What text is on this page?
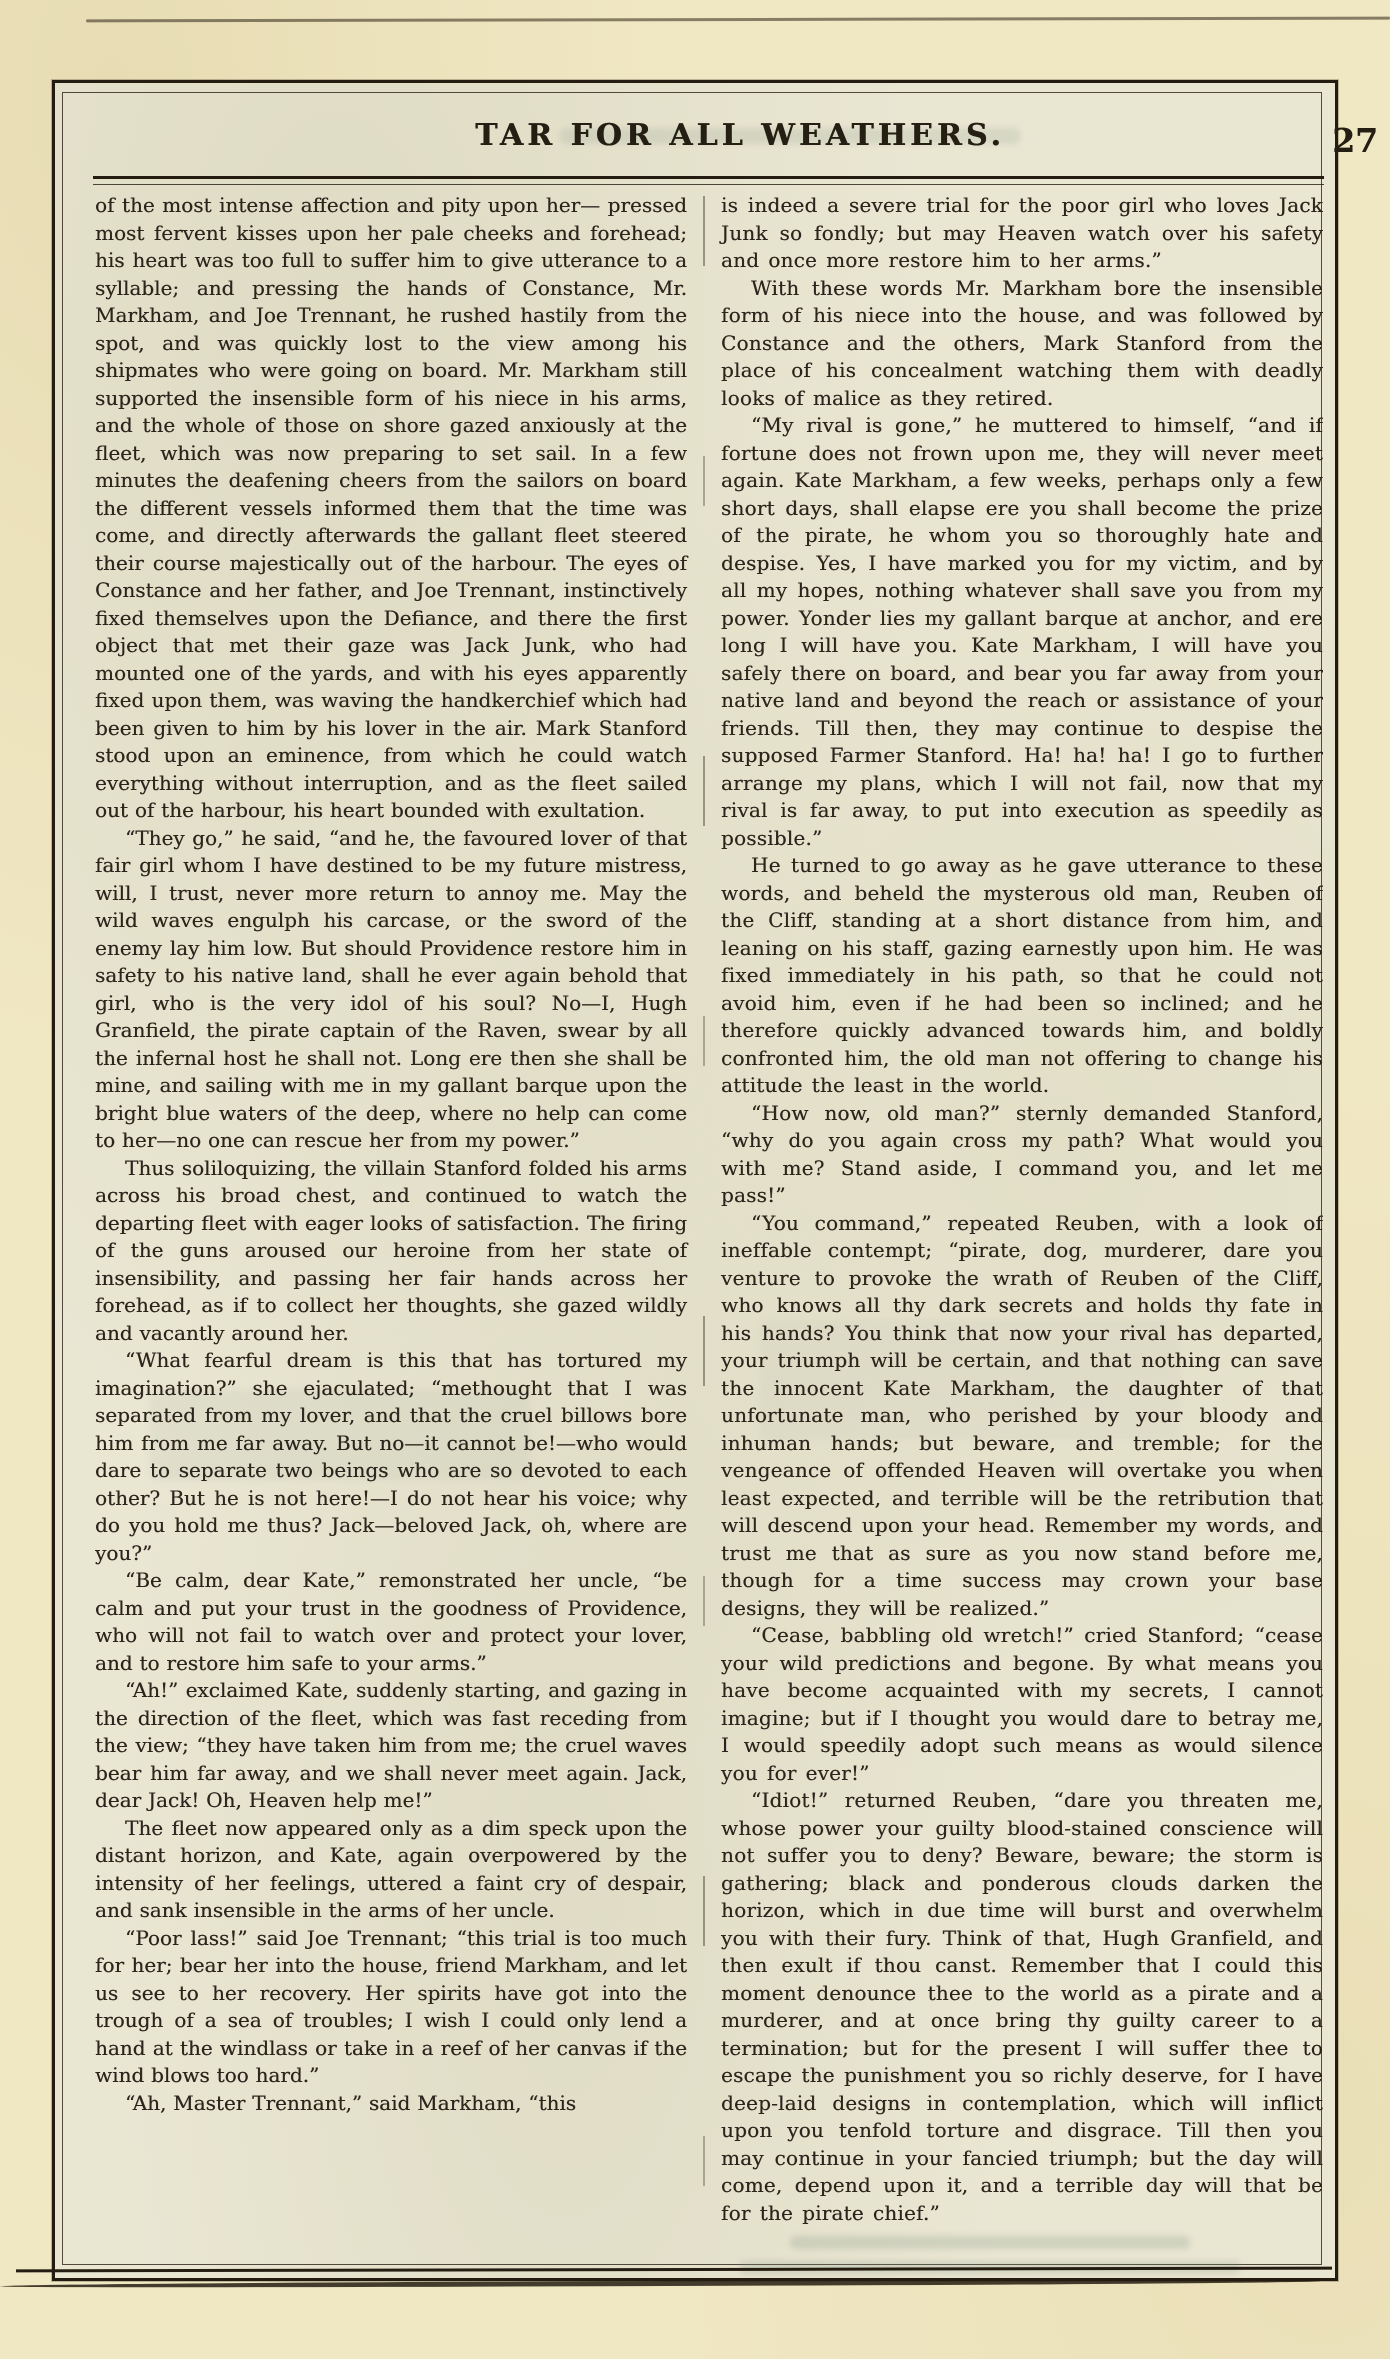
TAR FOR ALL WEATHERS.	27

of the most intense affection and pity upon her— pressed most fervent kisses upon her pale cheeks and forehead; his heart was too full to suffer him to give utterance to a syllable; and pressing the hands of Constance, Mr. Markham, and Joe Trennant, he rushed hastily from the spot, and was quickly lost to the view among his shipmates who were going on board. Mr. Markham still supported the insensible form of his niece in his arms, and the whole of those on shore gazed anxiously at the fleet, which was now preparing to set sail. In a few minutes the deafening cheers from the sailors on board the different vessels informed them that the time was come, and directly afterwards the gallant fleet steered their course majestically out of the harbour. The eyes of Constance and her father, and Joe Trennant, instinctively fixed themselves upon the Defiance, and there the first object that met their gaze was Jack Junk, who had mounted one of the yards, and with his eyes apparently fixed upon them, was waving the handkerchief which had been given to him by his lover in the air. Mark Stanford stood upon an eminence, from which he could watch everything without interruption, and as the fleet sailed out of the harbour, his heart bounded with exultation.

“They go,” he said, “and he, the favoured lover of that fair girl whom I have destined to be my future mistress, will, I trust, never more return to annoy me. May the wild waves engulph his carcase, or the sword of the enemy lay him low. But should Providence restore him in safety to his native land, shall he ever again behold that girl, who is the very idol of his soul? No—I, Hugh Granfield, the pirate captain of the Raven, swear by all the infernal host he shall not. Long ere then she shall be mine, and sailing with me in my gallant barque upon the bright blue waters of the deep, where no help can come to her—no one can rescue her from my power.”

Thus soliloquizing, the villain Stanford folded his arms across his broad chest, and continued to watch the departing fleet with eager looks of satisfaction. The firing of the guns aroused our heroine from her state of insensibility, and passing her fair hands across her forehead, as if to collect her thoughts, she gazed wildly and vacantly around her.

“What fearful dream is this that has tortured my imagination?” she ejaculated; “methought that I was separated from my lover, and that the cruel billows bore him from me far away. But no—it cannot be!—who would dare to separate two beings who are so devoted to each other? But he is not here!—I do not hear his voice; why do you hold me thus? Jack—beloved Jack, oh, where are you?”

“Be calm, dear Kate,” remonstrated her uncle, “be calm and put your trust in the goodness of Providence, who will not fail to watch over and protect your lover, and to restore him safe to your arms.”

“Ah!” exclaimed Kate, suddenly starting, and gazing in the direction of the fleet, which was fast receding from the view; “they have taken him from me; the cruel waves bear him far away, and we shall never meet again. Jack, dear Jack! Oh, Heaven help me!”

The fleet now appeared only as a dim speck upon the distant horizon, and Kate, again overpowered by the intensity of her feelings, uttered a faint cry of despair, and sank insensible in the arms of her uncle.

“Poor lass!” said Joe Trennant; “this trial is too much for her; bear her into the house, friend Markham, and let us see to her recovery. Her spirits have got into the trough of a sea of troubles; I wish I could only lend a hand at the windlass or take in a reef of her canvas if the wind blows too hard.”

“Ah, Master Trennant,” said Markham, “this

is indeed a severe trial for the poor girl who loves Jack Junk so fondly; but may Heaven watch over his safety and once more restore him to her arms.”

With these words Mr. Markham bore the insensible form of his niece into the house, and was followed by Constance and the others, Mark Stanford from the place of his concealment watching them with deadly looks of malice as they retired.

“My rival is gone,” he muttered to himself, “and if fortune does not frown upon me, they will never meet again. Kate Markham, a few weeks, perhaps only a few short days, shall elapse ere you shall become the prize of the pirate, he whom you so thoroughly hate and despise. Yes, I have marked you for my victim, and by all my hopes, nothing whatever shall save you from my power. Yonder lies my gallant barque at anchor, and ere long I will have you. Kate Markham, I will have you safely there on board, and bear you far away from your native land and beyond the reach or assistance of your friends. Till then, they may continue to despise the supposed Farmer Stanford. Ha! ha! ha! I go to further arrange my plans, which I will not fail, now that my rival is far away, to put into execution as speedily as possible.”

He turned to go away as he gave utterance to these words, and beheld the mysterous old man, Reuben of the Cliff, standing at a short distance from him, and leaning on his staff, gazing earnestly upon him. He was fixed immediately in his path, so that he could not avoid him, even if he had been so inclined; and he therefore quickly advanced towards him, and boldly confronted him, the old man not offering to change his attitude the least in the world.

“How now, old man?” sternly demanded Stanford, “why do you again cross my path? What would you with me? Stand aside, I command you, and let me pass!”

“You command,” repeated Reuben, with a look of ineffable contempt; “pirate, dog, murderer, dare you venture to provoke the wrath of Reuben of the Cliff, who knows all thy dark secrets and holds thy fate in his hands? You think that now your rival has departed, your triumph will be certain, and that nothing can save the innocent Kate Markham, the daughter of that unfortunate man, who perished by your bloody and inhuman hands; but beware, and tremble; for the vengeance of offended Heaven will overtake you when least expected, and terrible will be the retribution that will descend upon your head. Remember my words, and trust me that as sure as you now stand before me, though for a time success may crown your base designs, they will be realized.”

“Cease, babbling old wretch!” cried Stanford; “cease your wild predictions and begone. By what means you have become acquainted with my secrets, I cannot imagine; but if I thought you would dare to betray me, I would speedily adopt such means as would silence you for ever!”

“Idiot!” returned Reuben, “dare you threaten me, whose power your guilty blood-stained conscience will not suffer you to deny? Beware, beware; the storm is gathering; black and ponderous clouds darken the horizon, which in due time will burst and overwhelm you with their fury. Think of that, Hugh Granfield, and then exult if thou canst. Remember that I could this moment denounce thee to the world as a pirate and a murderer, and at once bring thy guilty career to a termination; but for the present I will suffer thee to escape the punishment you so richly deserve, for I have deep-laid designs in contemplation, which will inflict upon you tenfold torture and disgrace. Till then you may continue in your fancied triumph; but the day will come, depend upon it, and a terrible day will that be for the pirate chief.”
